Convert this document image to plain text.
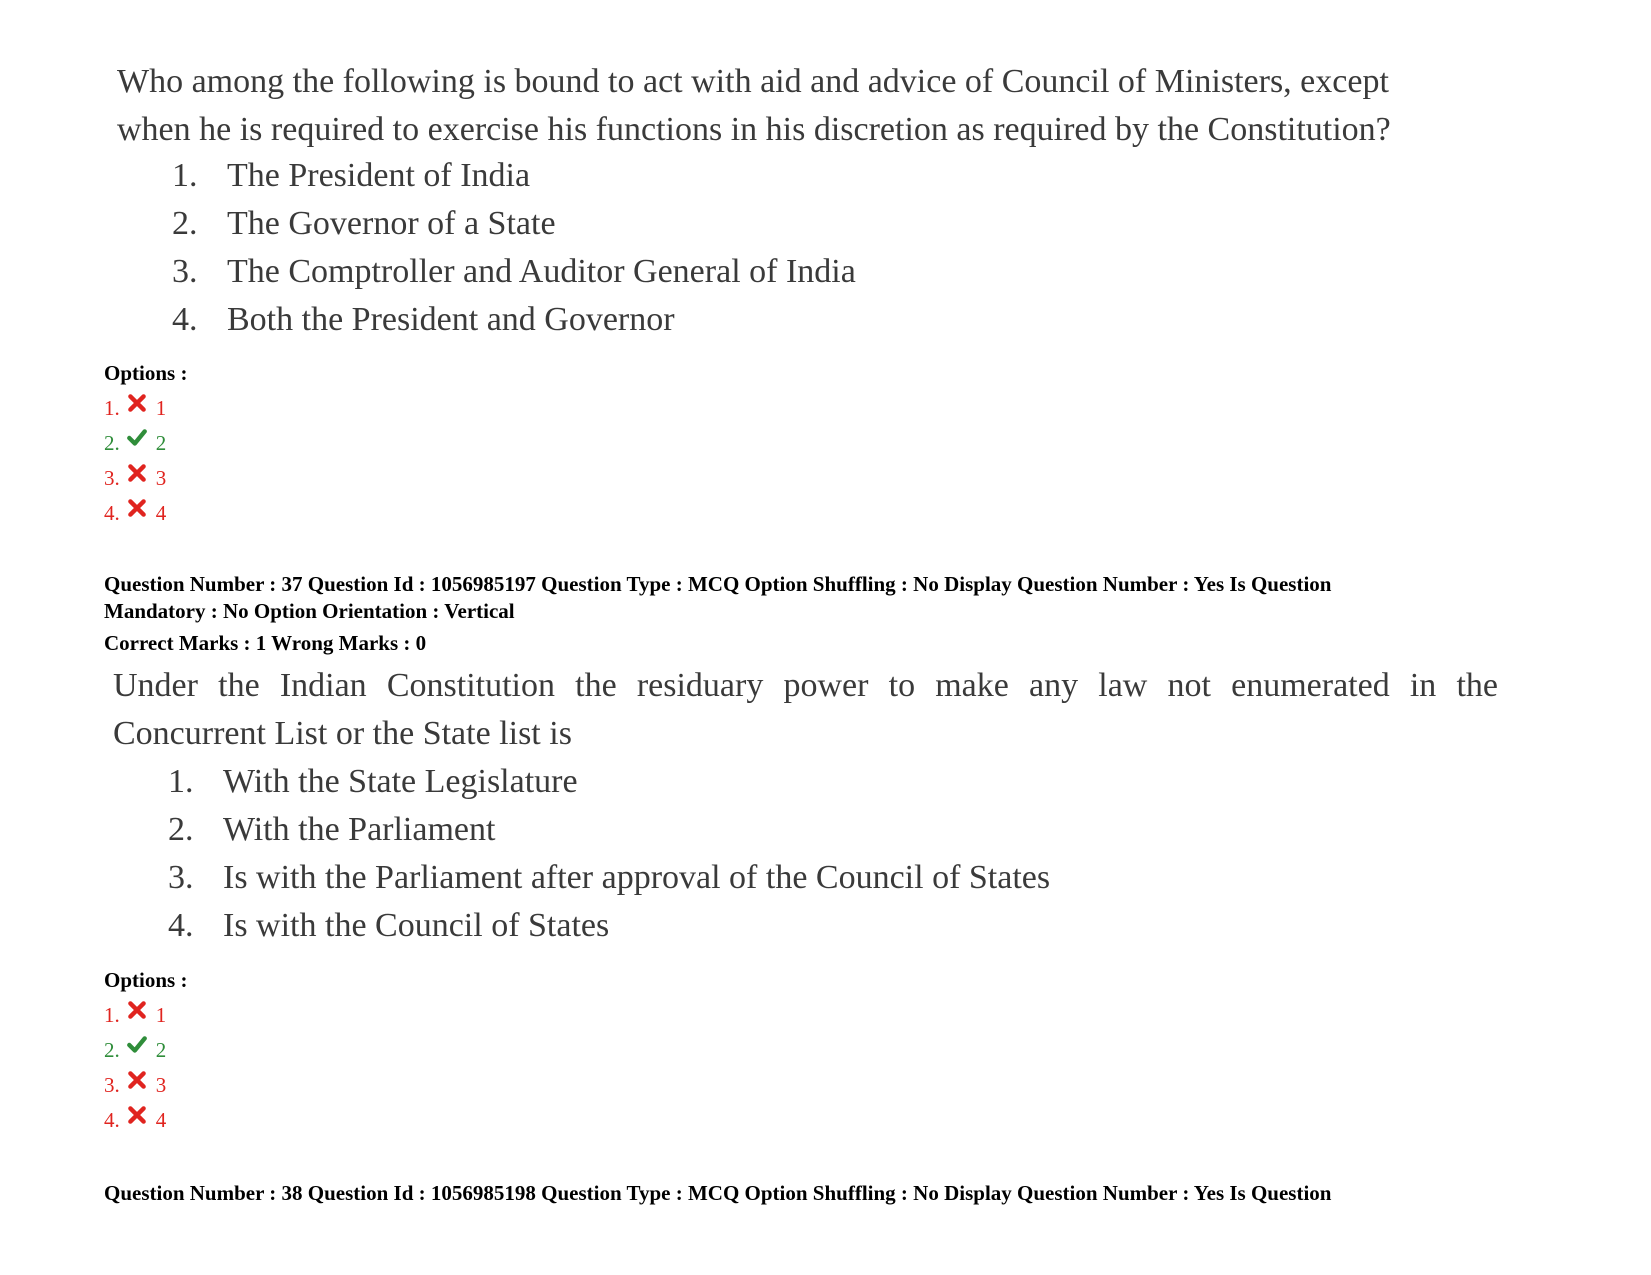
Who among the following is bound to act with aid and advice of Council of Ministers, except
when he is required to exercise his functions in his discretion as required by the Constitution?

1. The President of India
2. The Governor of a State
3. The Comptroller and Auditor General of India
4. Both the President and Governor
Options :
1. 1
2. 2
3. 3
4. 4
Question Number : 37 Question Id : 1056985197 Question Type : MCQ Option Shuffling : No Display Question Number : Yes Is Question
Mandatory : No Option Orientation : Vertical
Correct Marks : 1 Wrong Marks : 0

Under the Indian Constitution the residuary power to make any law not enumerated in the
Concurrent List or the State list is

1. With the State Legislature
2. With the Parliament
3. Is with the Parliament after approval of the Council of States
4. Is with the Council of States
Options :
1. 1
2. 2
3. 3
4. 4
Question Number : 38 Question Id : 1056985198 Question Type : MCQ Option Shuffling : No Display Question Number : Yes Is Question
